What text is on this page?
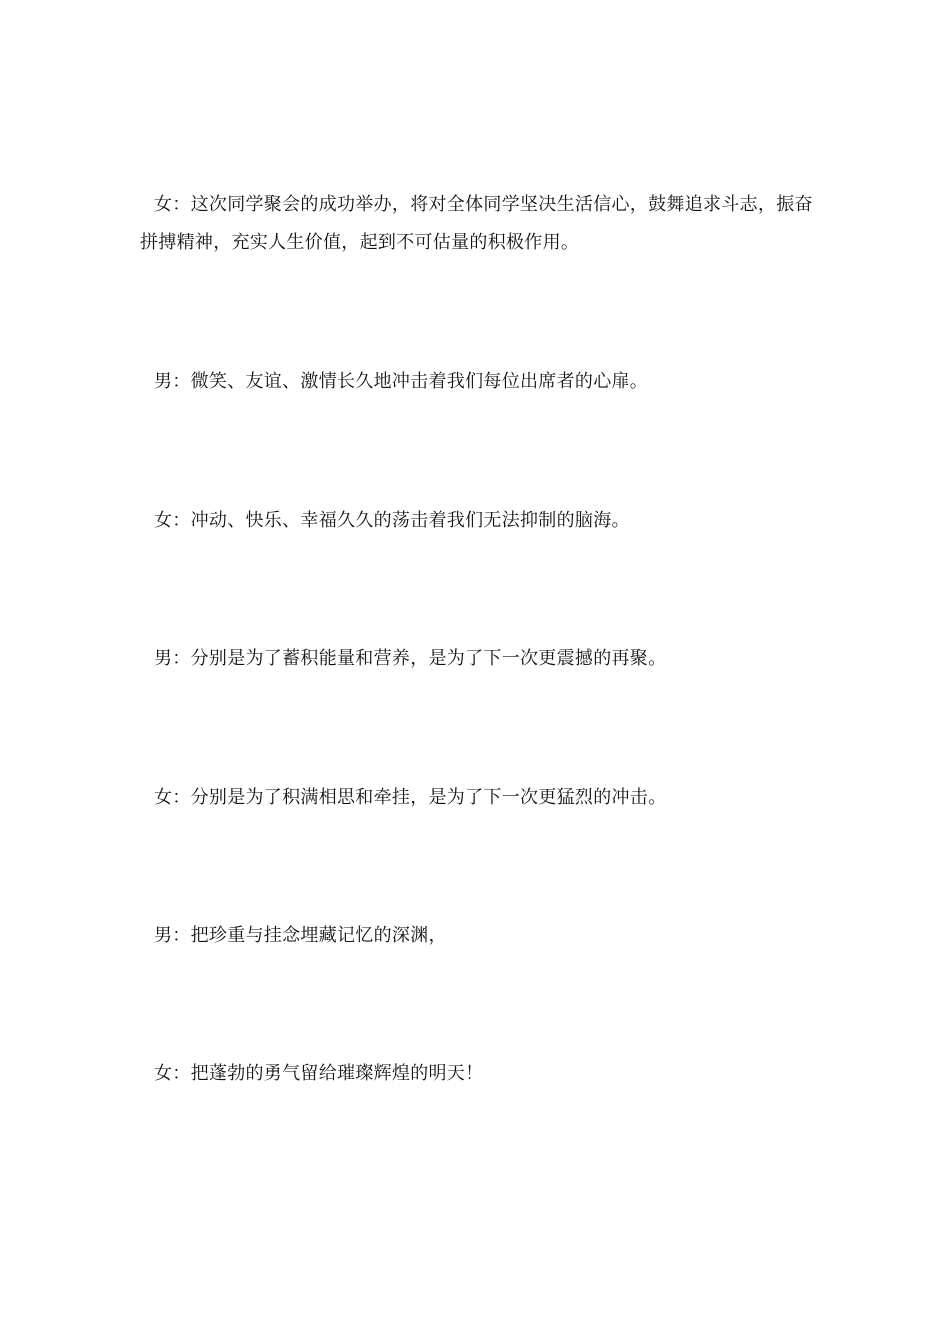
女：这次同学聚会的成功举办，将对全体同学坚决生活信心，鼓舞追求斗志，振奋拼搏精神，充实人生价值，起到不可估量的积极作用。

男：微笑、友谊、激情长久地冲击着我们每位出席者的心扉。

女：冲动、快乐、幸福久久的荡击着我们无法抑制的脑海。

男：分别是为了蓄积能量和营养，是为了下一次更震撼的再聚。

女：分别是为了积满相思和牵挂，是为了下一次更猛烈的冲击。

男：把珍重与挂念埋藏记忆的深渊，

女：把蓬勃的勇气留给璀璨辉煌的明天！
